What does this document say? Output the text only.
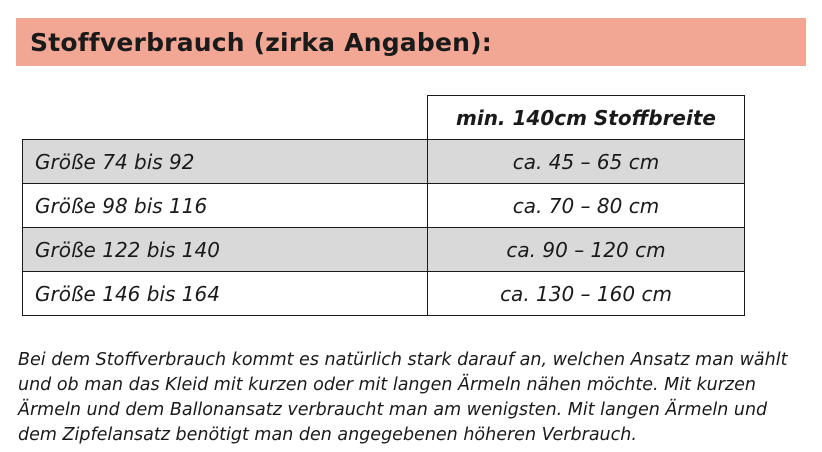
Stoffverbrauch (zirka Angaben):
	min. 140cm Stoffbreite
Größe 74 bis 92	ca. 45 – 65 cm
Größe 98 bis 116	ca. 70 – 80 cm
Größe 122 bis 140	ca. 90 – 120 cm
Größe 146 bis 164	ca. 130 – 160 cm
Bei dem Stoffverbrauch kommt es natürlich stark darauf an, welchen Ansatz man wählt und ob man das Kleid mit kurzen oder mit langen Ärmeln nähen möchte. Mit kurzen Ärmeln und dem Ballonansatz verbraucht man am wenigsten. Mit langen Ärmeln und dem Zipfelansatz benötigt man den angegebenen höheren Verbrauch.
